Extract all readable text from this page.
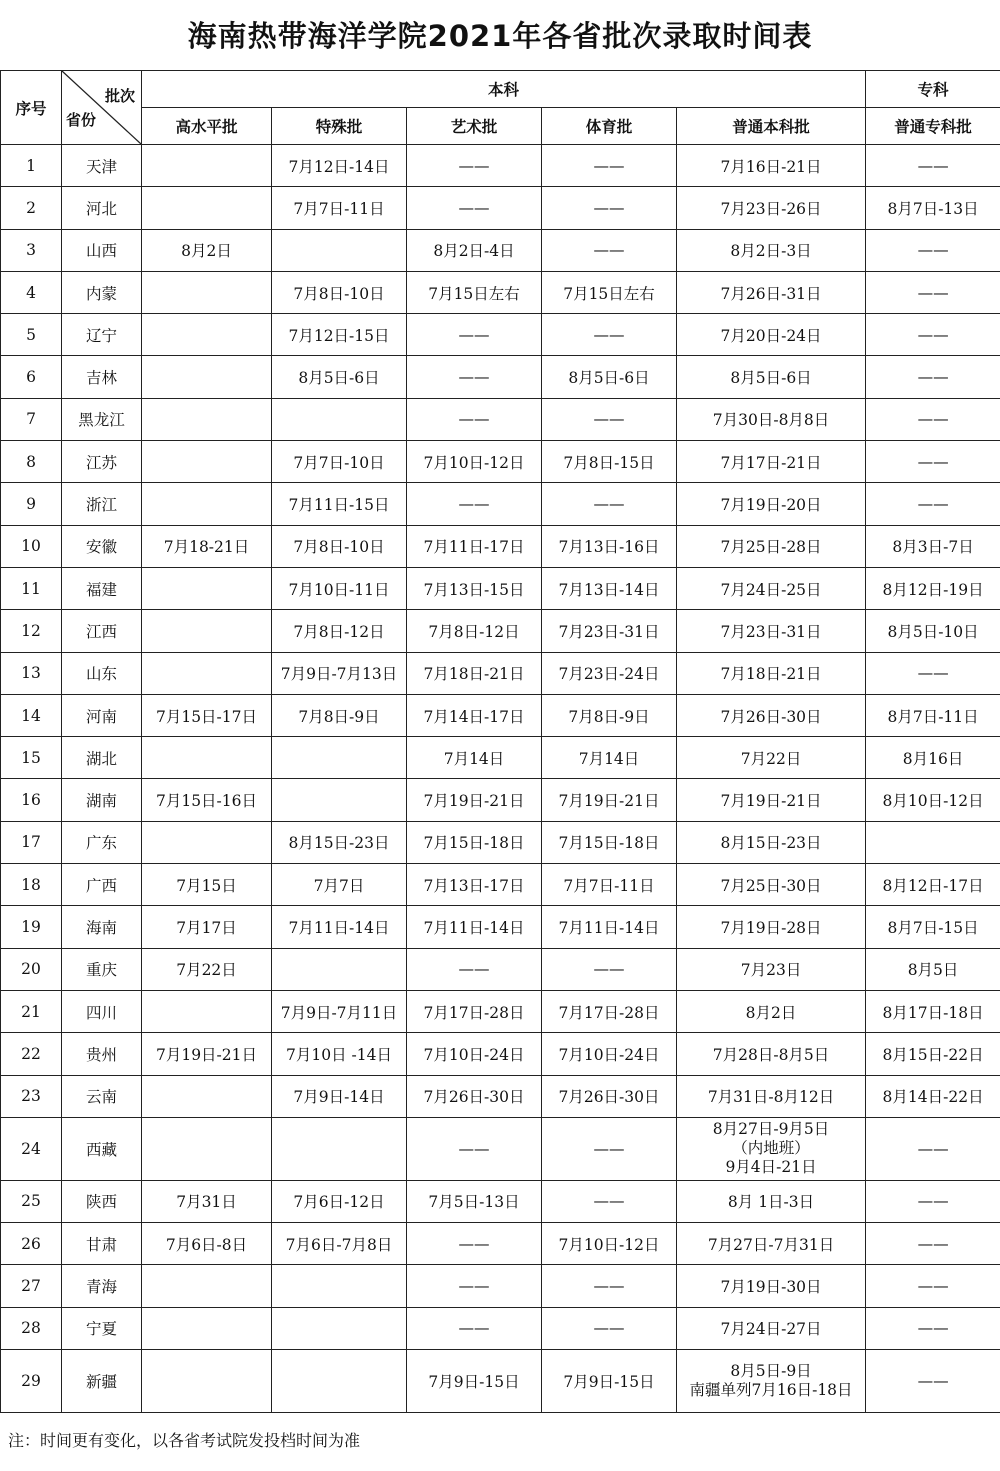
海南热带海洋学院2021年各省批次录取时间表
序号	批次
省份	本科					专科
		高水平批	特殊批	艺术批	体育批	普通本科批	普通专科批
1	天津		7月12日-14日	——	——	7月16日-21日	——
2	河北		7月7日-11日	——	——	7月23日-26日	8月7日-13日
3	山西	8月2日		8月2日-4日	——	8月2日-3日	——
4	内蒙		7月8日-10日	7月15日左右	7月15日左右	7月26日-31日	——
5	辽宁		7月12日-15日	——	——	7月20日-24日	——
6	吉林		8月5日-6日	——	8月5日-6日	8月5日-6日	——
7	黑龙江			——	——	7月30日-8月8日	——
8	江苏		7月7日-10日	7月10日-12日	7月8日-15日	7月17日-21日	——
9	浙江		7月11日-15日	——	——	7月19日-20日	——
10	安徽	7月18-21日	7月8日-10日	7月11日-17日	7月13日-16日	7月25日-28日	8月3日-7日
11	福建		7月10日-11日	7月13日-15日	7月13日-14日	7月24日-25日	8月12日-19日
12	江西		7月8日-12日	7月8日-12日	7月23日-31日	7月23日-31日	8月5日-10日
13	山东		7月9日-7月13日	7月18日-21日	7月23日-24日	7月18日-21日	——
14	河南	7月15日-17日	7月8日-9日	7月14日-17日	7月8日-9日	7月26日-30日	8月7日-11日
15	湖北			7月14日	7月14日	7月22日	8月16日
16	湖南	7月15日-16日		7月19日-21日	7月19日-21日	7月19日-21日	8月10日-12日
17	广东		8月15日-23日	7月15日-18日	7月15日-18日	8月15日-23日	
18	广西	7月15日	7月7日	7月13日-17日	7月7日-11日	7月25日-30日	8月12日-17日
19	海南	7月17日	7月11日-14日	7月11日-14日	7月11日-14日	7月19日-28日	8月7日-15日
20	重庆	7月22日		——	——	7月23日	8月5日
21	四川		7月9日-7月11日	7月17日-28日	7月17日-28日	8月2日	8月17日-18日
22	贵州	7月19日-21日	7月10日 -14日	7月10日-24日	7月10日-24日	7月28日-8月5日	8月15日-22日
23	云南		7月9日-14日	7月26日-30日	7月26日-30日	7月31日-8月12日	8月14日-22日
24	西藏			——	——	8月27日-9月5日
（内地班）
9月4日-21日	——
25	陕西	7月31日	7月6日-12日	7月5日-13日	——	8月 1日-3日	——
26	甘肃	7月6日-8日	7月6日-7月8日	——	7月10日-12日	7月27日-7月31日	——
27	青海			——	——	7月19日-30日	——
28	宁夏			——	——	7月24日-27日	——
29	新疆			7月9日-15日	7月9日-15日	8月5日-9日
南疆单列7月16日-18日	——
注：时间更有变化，以各省考试院发投档时间为准
